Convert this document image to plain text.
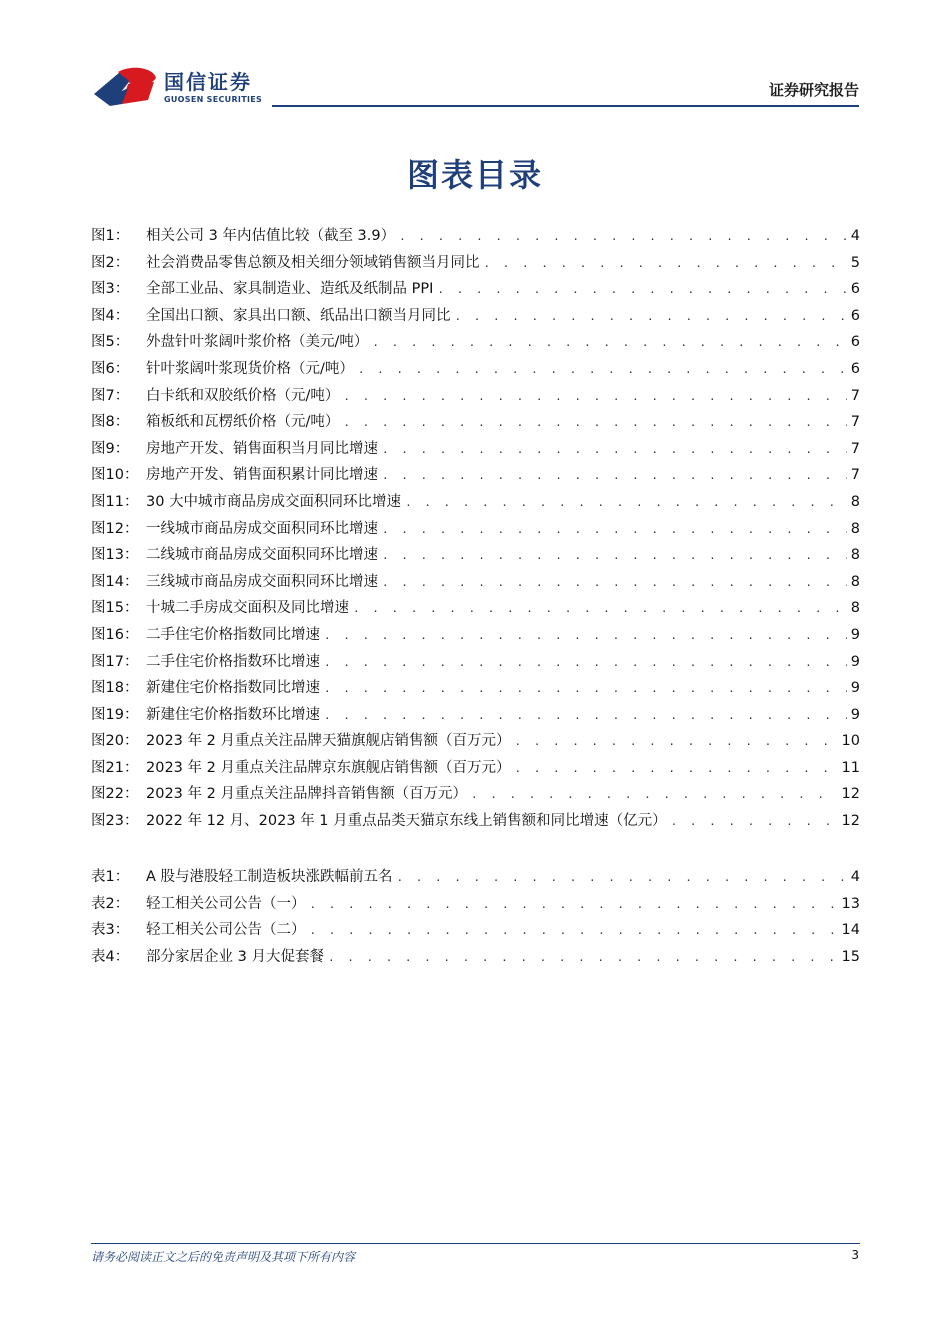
国信证券
GUOSEN SECURITIES
证券研究报告
图表目录
图1：	相关公司 3 年内估值比较（截至 3.9） . . .	4
图2：	社会消费品零售总额及相关细分领域销售额当月同比 . . .	5
图3：	全部工业品、家具制造业、造纸及纸制品 PPI . . .	6
图4：	全国出口额、家具出口额、纸品出口额当月同比 . . .	6
图5：	外盘针叶浆阔叶浆价格（美元/吨） . . .	6
图6：	针叶浆阔叶浆现货价格（元/吨） . . .	6
图7：	白卡纸和双胶纸价格（元/吨） . . .	7
图8：	箱板纸和瓦楞纸价格（元/吨） . . .	7
图9：	房地产开发、销售面积当月同比增速 . . .	7
图10： 房地产开发、销售面积累计同比增速 . . .	7
图11： 30 大中城市商品房成交面积同环比增速 . . .	8
图12： 一线城市商品房成交面积同环比增速 . . .	8
图13： 二线城市商品房成交面积同环比增速 . . .	8
图14： 三线城市商品房成交面积同环比增速 . . .	8
图15： 十城二手房成交面积及同比增速 . . .	8
图16： 二手住宅价格指数同比增速 . . .	9
图17： 二手住宅价格指数环比增速 . . .	9
图18： 新建住宅价格指数同比增速 . . .	9
图19： 新建住宅价格指数环比增速 . . .	9
图20： 2023 年 2 月重点关注品牌天猫旗舰店销售额（百万元） . . .	10
图21： 2023 年 2 月重点关注品牌京东旗舰店销售额（百万元） . . .	11
图22： 2023 年 2 月重点关注品牌抖音销售额（百万元） . . .	12
图23： 2022 年 12 月、2023 年 1 月重点品类天猫京东线上销售额和同比增速（亿元） . . .	12
表1：	A 股与港股轻工制造板块涨跌幅前五名 . . .	4
表2：	轻工相关公司公告（一） . . .	13
表3：	轻工相关公司公告（二） . . .	14
表4：	部分家居企业 3 月大促套餐 . . .	15
请务必阅读正文之后的免责声明及其项下所有内容	3
